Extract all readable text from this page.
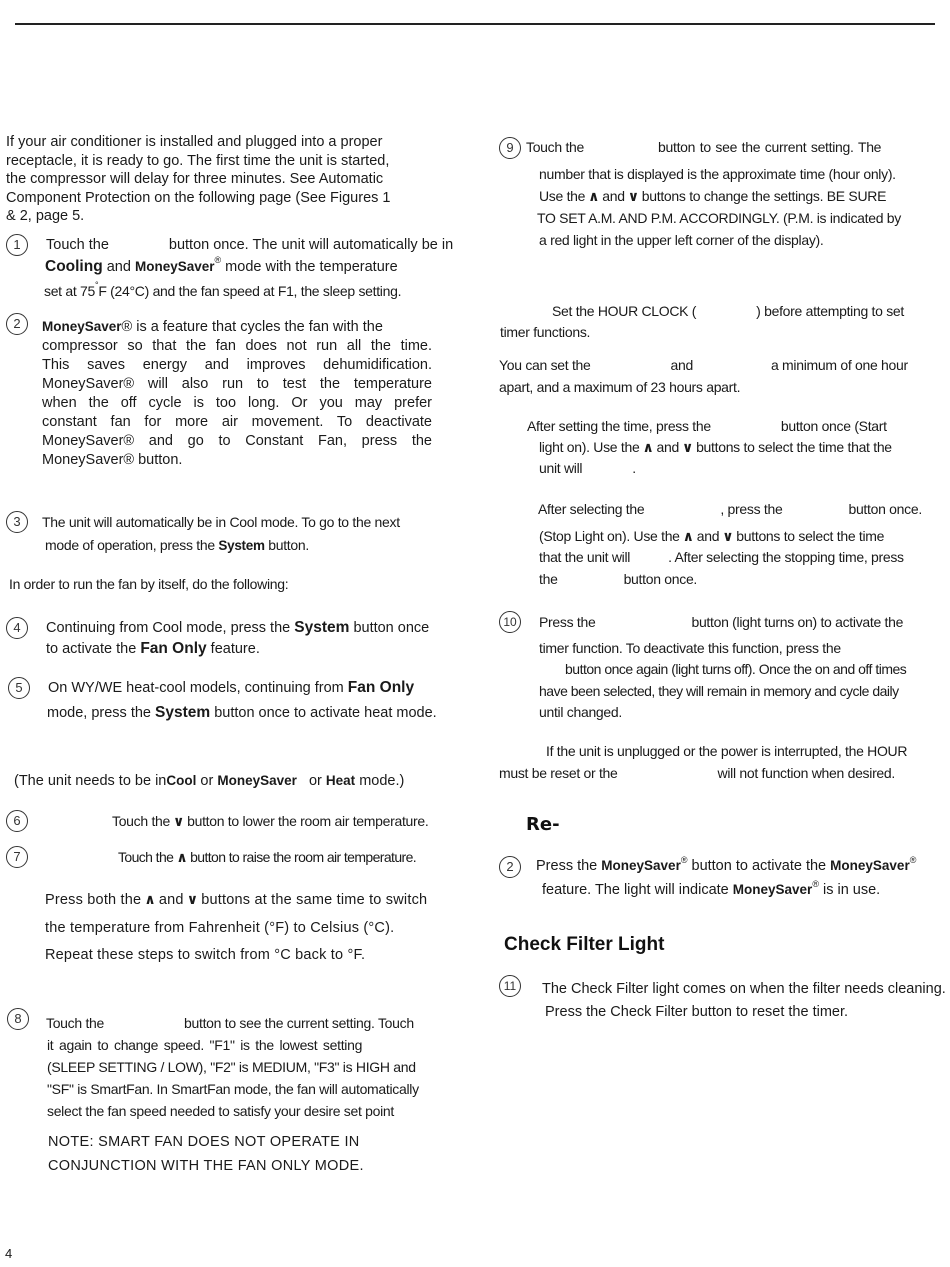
If your air conditioner is installed and plugged into a proper
receptacle, it is ready to go. The first time the unit is started,
the compressor will delay for three minutes. See Automatic
Component Protection on the following page (See Figures 1
& 2, page 5.
1	Touch the	button once. The unit will automatically be in
Cooling and MoneySaver® mode with the temperature
set at 75°F (24°C) and the fan speed at F1, the sleep setting.
2	MoneySaver® is a feature that cycles the fan with the
compressor so that the fan does not run all the time.
This saves energy and improves dehumidification.
MoneySaver® will also run to test the temperature
when the off cycle is too long. Or you may prefer
constant fan for more air movement. To deactivate
MoneySaver® and go to Constant Fan, press the
MoneySaver® button.
3	The unit will automatically be in Cool mode. To go to the next
mode of operation, press the System button.
In order to run the fan by itself, do the following:
4	Continuing from Cool mode, press the System button once
to activate the Fan Only feature.
5	On WY/WE heat-cool models, continuing from Fan Only
mode, press the System button once to activate heat mode.
(The unit needs to be inCool or MoneySaver or Heat mode.)
6	Touch the ∨ button to lower the room air temperature.
7	Touch the ∧ button to raise the room air temperature.
Press both the ∧ and ∨ buttons at the same time to switch
the temperature from Fahrenheit (°F) to Celsius (°C).
Repeat these steps to switch from °C back to °F.
8	Touch the	button to see the current setting. Touch
it again to change speed. "F1" is the lowest setting
(SLEEP SETTING / LOW), "F2" is MEDIUM, "F3" is HIGH and
"SF" is SmartFan. In SmartFan mode, the fan will automatically
select the fan speed needed to satisfy your desire set point
NOTE: SMART FAN DOES NOT OPERATE IN
CONJUNCTION WITH THE FAN ONLY MODE.
4
9 Touch the	button to see the current setting. The
number that is displayed is the approximate time (hour only).
Use the ∧ and ∨ buttons to change the settings. BE SURE
TO SET A.M. AND P.M. ACCORDINGLY. (P.M. is indicated by
a red light in the upper left corner of the display).
Set the HOUR CLOCK (	) before attempting to set
timer functions.
You can set the	and	a minimum of one hour
apart, and a maximum of 23 hours apart.
After setting the time, press the	button once (Start
light on). Use the ∧ and ∨ buttons to select the time that the
unit will	.
After selecting the	, press the	button once.
(Stop Light on). Use the ∧ and ∨ buttons to select the time
that the unit will	. After selecting the stopping time, press
the	button once.
10	Press the	button (light turns on) to activate the
timer function. To deactivate this function, press the
button once again (light turns off). Once the on and off times
have been selected, they will remain in memory and cycle daily
until changed.
If the unit is unplugged or the power is interrupted, the HOUR
must be reset or the	will not function when desired.
Re-
2	Press the MoneySaver® button to activate the MoneySaver®
feature. The light will indicate MoneySaver® is in use.
Check Filter Light
11	The Check Filter light comes on when the filter needs cleaning.
Press the Check Filter button to reset the timer.
